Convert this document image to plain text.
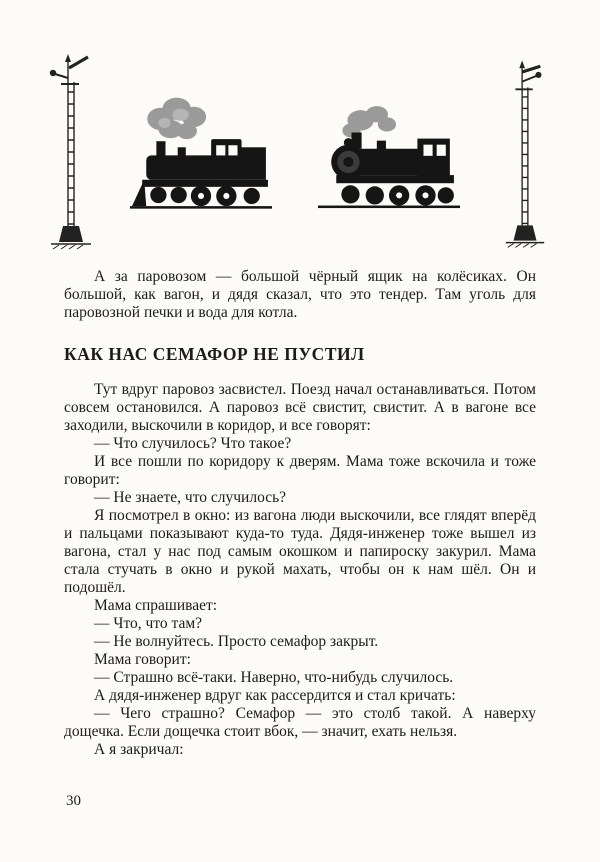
А за паровозом — большой чёрный ящик на колёсиках. Он большой, как вагон, и дядя сказал, что это тендер. Там уголь для паровозной печки и вода для котла.

КАК НАС СЕМАФОР НЕ ПУСТИЛ

Тут вдруг паровоз засвистел. Поезд начал останавливаться. Потом совсем остановился. А паровоз всё свистит, свистит. А в вагоне все заходили, выскочили в коридор, и все говорят:

— Что случилось? Что такое?

И все пошли по коридору к дверям. Мама тоже вскочила и тоже говорит:

— Не знаете, что случилось?

Я посмотрел в окно: из вагона люди выскочили, все глядят вперёд и пальцами показывают куда-то туда. Дядя-инженер тоже вышел из вагона, стал у нас под самым окошком и папироску закурил. Мама стала стучать в окно и рукой махать, чтобы он к нам шёл. Он и подошёл.

Мама спрашивает:

— Что, что там?

— Не волнуйтесь. Просто семафор закрыт.

Мама говорит:

— Страшно всё-таки. Наверно, что-нибудь случилось.

А дядя-инженер вдруг как рассердится и стал кричать:

— Чего страшно? Семафор — это столб такой. А наверху дощечка. Если дощечка стоит вбок, — значит, ехать нельзя.

А я закричал:

30
